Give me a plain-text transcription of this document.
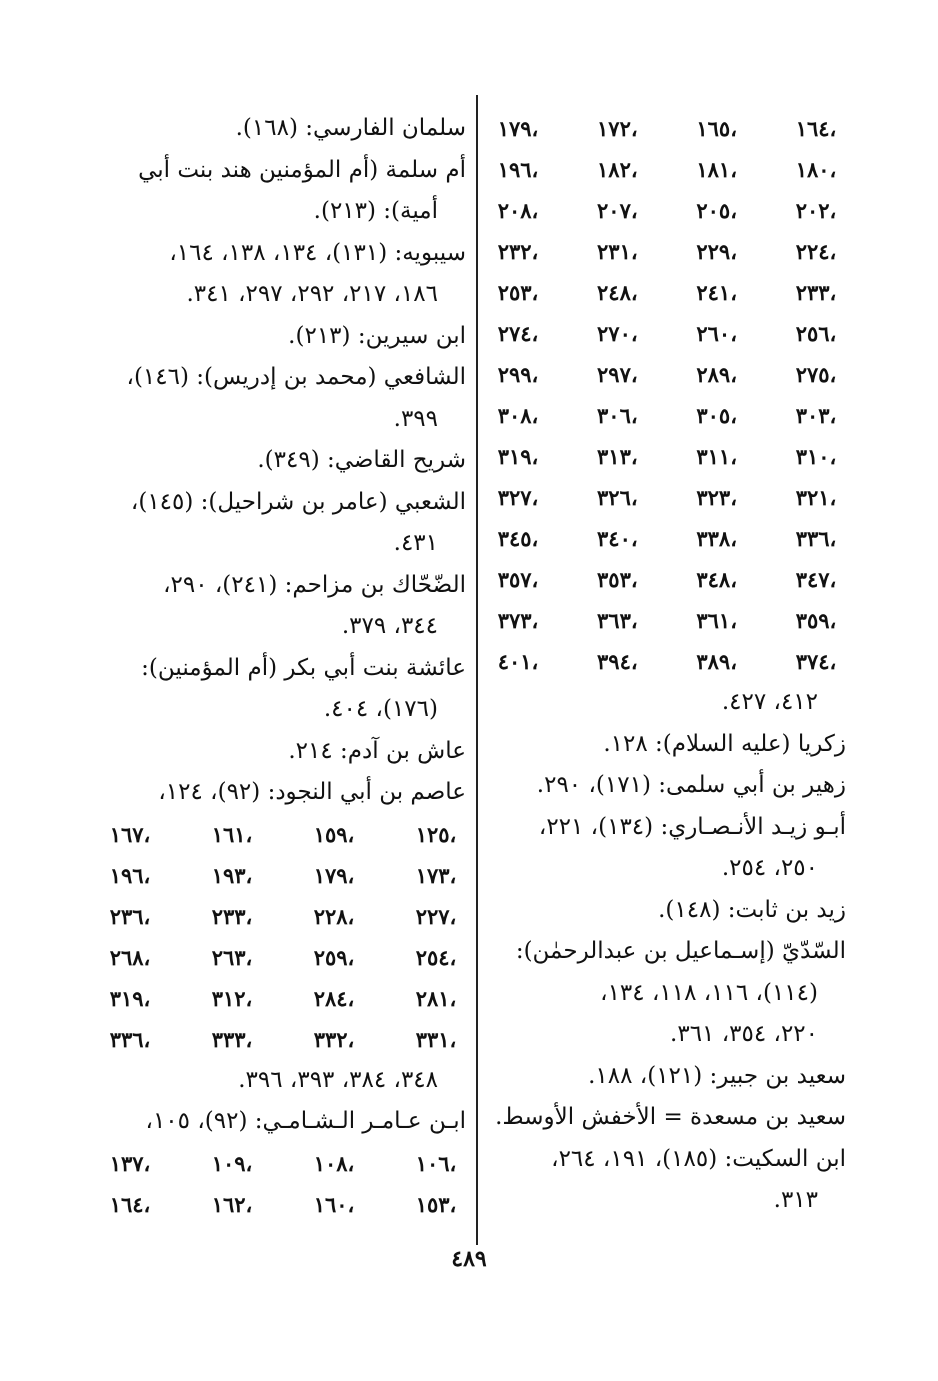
،١٦٤
،١٦٥
،١٧٢
،١٧٩
،١٨٠
،١٨١
،١٨٢
،١٩٦
،٢٠٢
،٢٠٥
،٢٠٧
،٢٠٨
،٢٢٤
،٢٢٩
،٢٣١
،٢٣٢
،٢٣٣
،٢٤١
،٢٤٨
،٢٥٣
،٢٥٦
،٢٦٠
،٢٧٠
،٢٧٤
،٢٧٥
،٢٨٩
،٢٩٧
،٢٩٩
،٣٠٣
،٣٠٥
،٣٠٦
،٣٠٨
،٣١٠
،٣١١
،٣١٣
،٣١٩
،٣٢١
،٣٢٣
،٣٢٦
،٣٢٧
،٣٣٦
،٣٣٨
،٣٤٠
،٣٤٥
،٣٤٧
،٣٤٨
،٣٥٣
،٣٥٧
،٣٥٩
،٣٦١
،٣٦٣
،٣٧٣
،٣٧٤
،٣٨٩
،٣٩٤
،٤٠١
٤١٢، ٤٢٧.
زكريا (عليه السلام): ١٢٨.
زهير بن أبي سلمى: (١٧١)، ٢٩٠.
أبـو زيـد الأنـصـاري: (١٣٤)، ٢٢١،
٢٥٠، ٢٥٤.
زيد بن ثابت: (١٤٨).
السّدّيّ (إسـماعيل بن عبدالرحمٰن):
(١١٤)، ١١٦، ١١٨، ١٣٤،
٢٢٠، ٣٥٤، ٣٦١.
سعيد بن جبير: (١٢١)، ١٨٨.
سعيد بن مسعدة = الأخفش الأوسط.
ابن السكيت: (١٨٥)، ١٩١، ٢٦٤،
٣١٣.
سلمان الفارسي: (١٦٨).
أم سلمة (أم المؤمنين هند بنت أبي
أمية): (٢١٣).
سيبويه: (١٣١)، ١٣٤، ١٣٨، ١٦٤،
١٨٦، ٢١٧، ٢٩٢، ٢٩٧، ٣٤١.
ابن سيرين: (٢١٣).
الشافعي (محمد بن إدريس): (١٤٦)،
٣٩٩.
شريح القاضي: (٣٤٩).
الشعبي (عامر بن شراحيل): (١٤٥)،
٤٣١.
الضّحّاك بن مزاحم: (٢٤١)، ٢٩٠،
٣٤٤، ٣٧٩.
عائشة بنت أبي بكر (أم المؤمنين):
(١٧٦)، ٤٠٤.
عاش بن آدم: ٢١٤.
عاصم بن أبي النجود: (٩٢)، ١٢٤،
،١٢٥
،١٥٩
،١٦١
،١٦٧
،١٧٣
،١٧٩
،١٩٣
،١٩٦
،٢٢٧
،٢٢٨
،٢٣٣
،٢٣٦
،٢٥٤
،٢٥٩
،٢٦٣
،٢٦٨
،٢٨١
،٢٨٤
،٣١٢
،٣١٩
،٣٣١
،٣٣٢
،٣٣٣
،٣٣٦
٣٤٨، ٣٨٤، ٣٩٣، ٣٩٦.
ابـن عـامـر الـشـامـي: (٩٢)، ١٠٥،
،١٠٦
،١٠٨
،١٠٩
،١٣٧
،١٥٣
،١٦٠
،١٦٢
،١٦٤
٤٨٩
